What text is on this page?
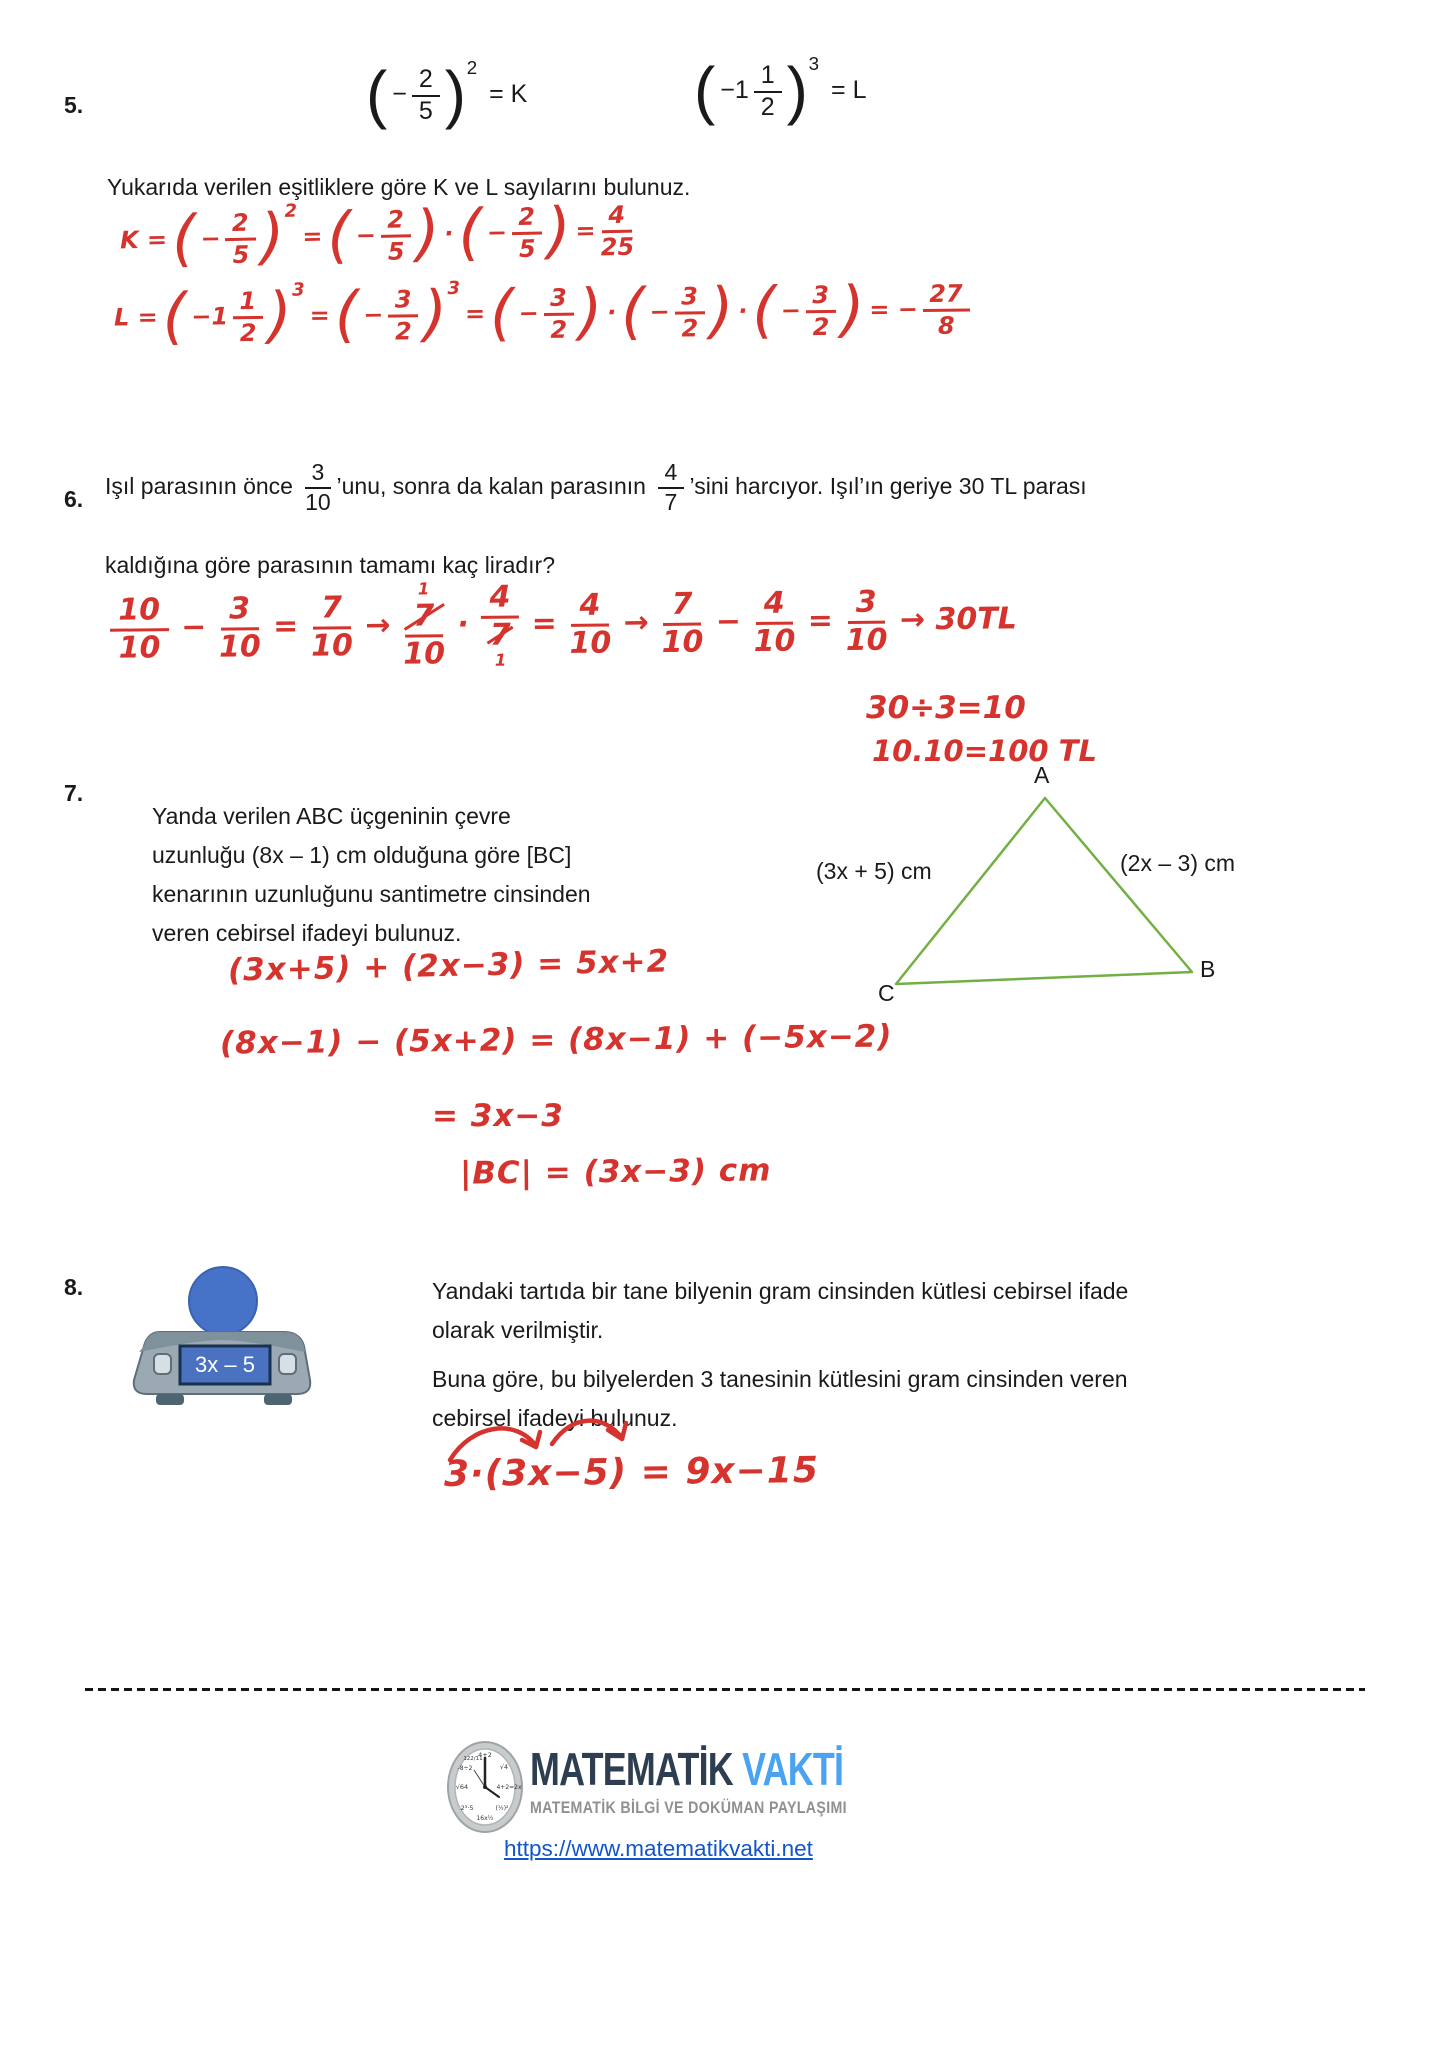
5.	( − $\frac{2}{5}$ ) 2
= K	( $-1 \frac{1}{2}$ ) 3
= L
Yukarıda verilen eşitliklere göre K ve L sayılarını bulunuz.
K = ( − $\frac{2}{5}$ ) 2
= ( − $\frac{2}{5}$ ) · ( − $\frac{2}{5}$ ) = $\frac{4}{25}$
L = ( $-1 \frac{1}{2}$ ) 3
= ( − $\frac{3}{2}$ ) 3
= ( − $\frac{3}{2}$ ) · ( − $\frac{3}{2}$ ) · ( − $\frac{3}{2}$ ) = − $\frac{27}{8}$
6. Işıl parasının önce $\frac{3}{10}$ ’unu, sonra da kalan parasının $\frac{4}{7}$ ’sini harcıyor. Işıl’ın geriye 30 TL parası
kaldığına göre parasının tamamı kaç liradır?
$\frac{10}{10} - \frac{3}{10} = \frac{7}{10}$ →
1
7
10
·
4
7
1
= $\frac{4}{10} \to \frac{7}{10} - \frac{4}{10} = \frac{3}{10} \to 30TL$
30÷3=10
10.10=100 TL
7.
Yanda verilen ABC üçgeninin çevre
uzunluğu (8x – 1) cm olduğuna göre [BC]
kenarının uzunluğunu santimetre cinsinden
veren cebirsel ifadeyi bulunuz.
A
C
B
(3x + 5) cm	(2x – 3) cm
(3x+5) + (2x−3) = 5x+2
(8x−1) − (5x+2) = (8x−1) + (−5x−2)
= 3x−3
|BC| = (3x−3) cm
8.
3x – 5
Yandaki tartıda bir tane bilyenin gram cinsinden kütlesi cebirsel ifade
olarak verilmiştir.
Buna göre, bu bilyelerden 3 tanesinin kütlesini gram cinsinden veren
cebirsel ifadeyi bulunuz.
3·(3x−5) = 9x−15
4+2
√4
4+2=2x
(½)²
16x½
2³·5
√64
-8÷2
122/11 MATEMATİK VAKTİ
MATEMATİK BİLGİ VE DOKÜMAN PAYLAŞIMI
https://www.matematikvakti.net
